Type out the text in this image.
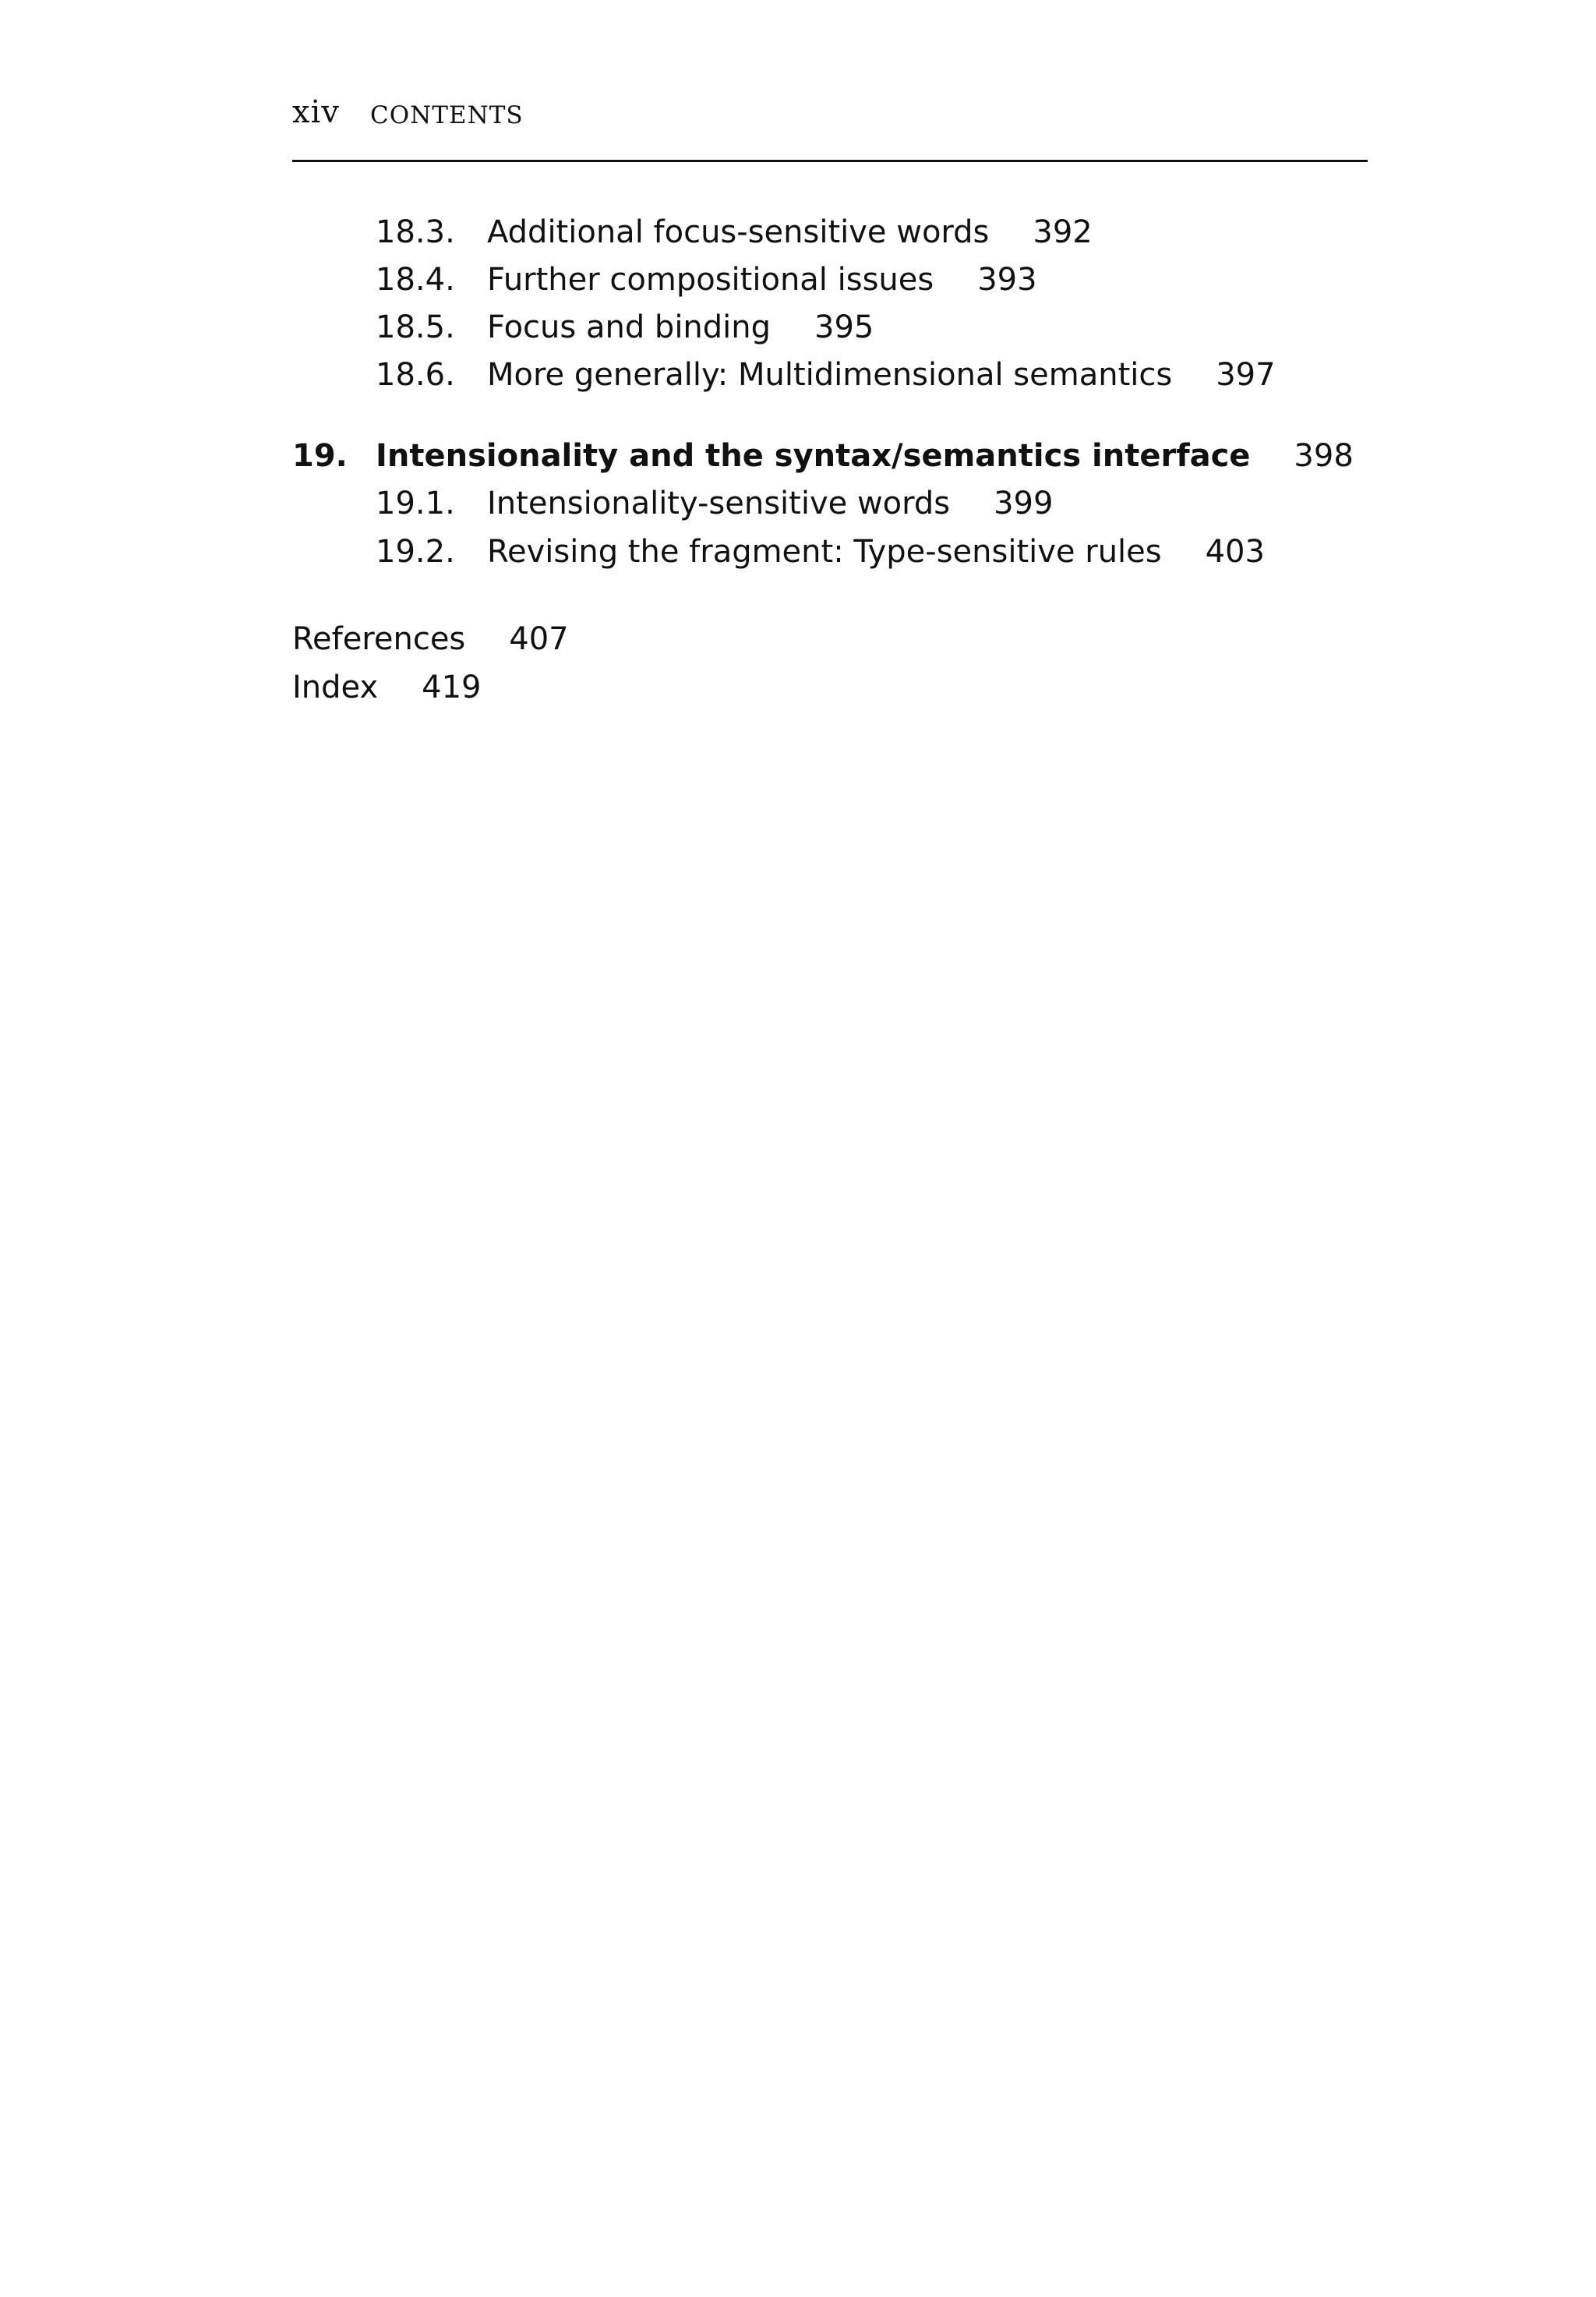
xiv CONTENTS
18.3. Additional focus-sensitive words 392
18.4. Further compositional issues 393
18.5. Focus and binding 395
18.6. More generally: Multidimensional semantics 397
19. Intensionality and the syntax/semantics interface 398
19.1. Intensionality-sensitive words 399
19.2. Revising the fragment: Type-sensitive rules 403
References 407
Index 419
